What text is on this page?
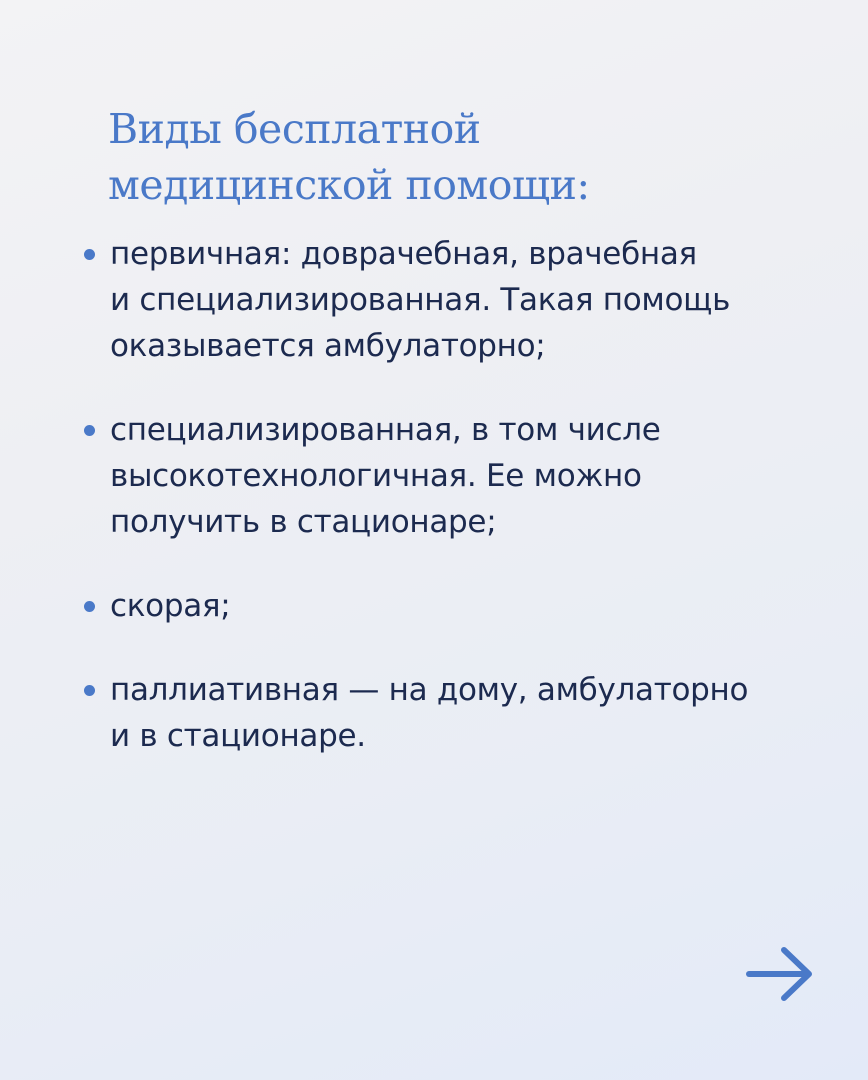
Виды бесплатной
медицинской помощи:
первичная: доврачебная, врачебная
и специализированная. Такая помощь
оказывается амбулаторно;
специализированная, в том числе
высокотехнологичная. Ее можно
получить в стационаре;
скорая;
паллиативная — на дому, амбулаторно
и в стационаре.
